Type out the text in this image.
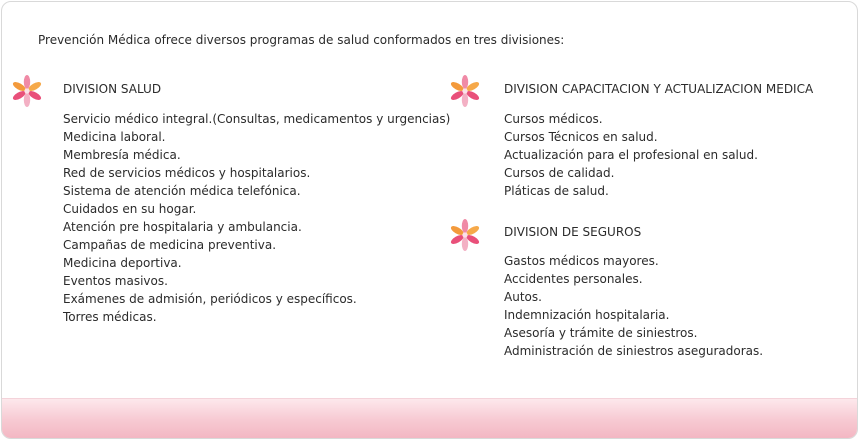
Prevención Médica ofrece diversos programas de salud conformados en tres divisiones:
DIVISION SALUD
Servicio médico integral.(Consultas, medicamentos y urgencias)
Medicina laboral.
Membresía médica.
Red de servicios médicos y hospitalarios.
Sistema de atención médica telefónica.
Cuidados en su hogar.
Atención pre hospitalaria y ambulancia.
Campañas de medicina preventiva.
Medicina deportiva.
Eventos masivos.
Exámenes de admisión, periódicos y específicos.
Torres médicas.
DIVISION CAPACITACION Y ACTUALIZACION MEDICA
Cursos médicos.
Cursos Técnicos en salud.
Actualización para el profesional en salud.
Cursos de calidad.
Pláticas de salud.
DIVISION DE SEGUROS
Gastos médicos mayores.
Accidentes personales.
Autos.
Indemnización hospitalaria.
Asesoría y trámite de siniestros.
Administración de siniestros aseguradoras.
